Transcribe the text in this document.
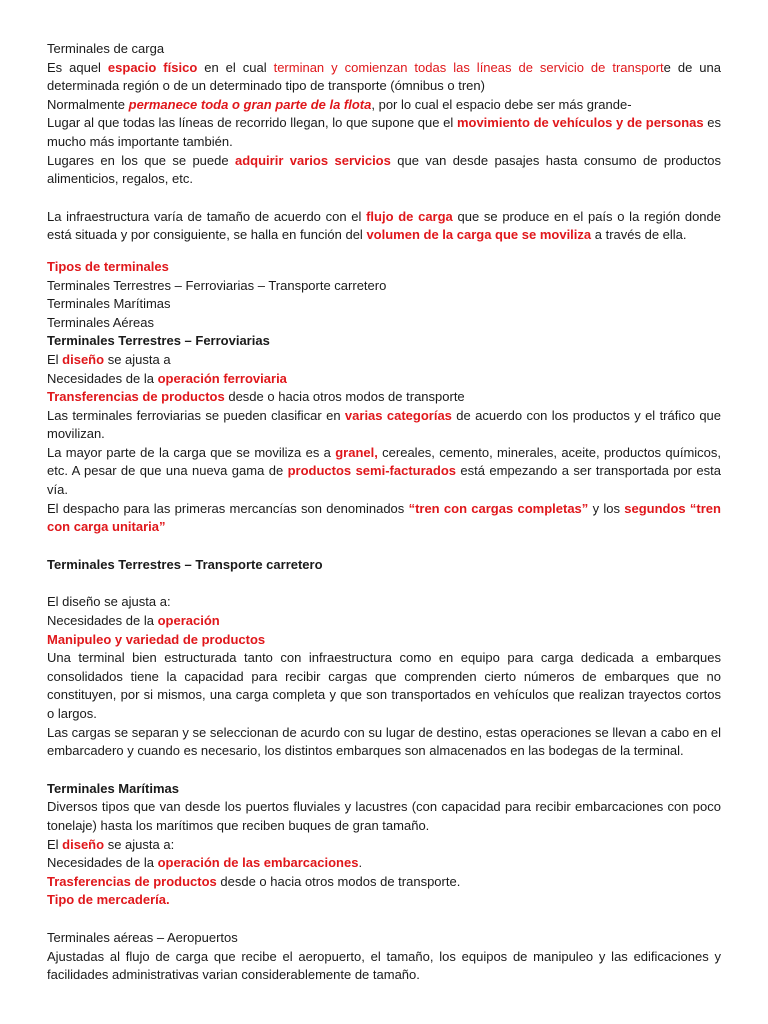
Terminales de carga

Es aquel espacio físico en el cual terminan y comienzan todas las líneas de servicio de transporte de una determinada región o de un determinado tipo de transporte (ómnibus o tren)

Normalmente permanece toda o gran parte de la flota, por lo cual el espacio debe ser más grande-

Lugar al que todas las líneas de recorrido llegan, lo que supone que el movimiento de vehículos y de personas es mucho más importante también.

Lugares en los que se puede adquirir varios servicios que van desde pasajes hasta consumo de productos alimenticios, regalos, etc.

La infraestructura varía de tamaño de acuerdo con el flujo de carga que se produce en el país o la región donde está situada y por consiguiente, se halla en función del volumen de la carga que se moviliza a través de ella.

Tipos de terminales

Terminales Terrestres – Ferroviarias – Transporte carretero

Terminales Marítimas

Terminales Aéreas

Terminales Terrestres – Ferroviarias

El diseño se ajusta a

Necesidades de la operación ferroviaria

Transferencias de productos desde o hacia otros modos de transporte

Las terminales ferroviarias se pueden clasificar en varias categorías de acuerdo con los productos y el tráfico que movilizan.

La mayor parte de la carga que se moviliza es a granel, cereales, cemento, minerales, aceite, productos químicos, etc. A pesar de que una nueva gama de productos semi-facturados está empezando a ser transportada por esta vía.

El despacho para las primeras mercancías son denominados “tren con cargas completas” y los segundos “tren con carga unitaria”

Terminales Terrestres – Transporte carretero

El diseño se ajusta a:

Necesidades de la operación

Manipuleo y variedad de productos

Una terminal bien estructurada tanto con infraestructura como en equipo para carga dedicada a embarques consolidados tiene la capacidad para recibir cargas que comprenden cierto números de embarques que no constituyen, por si mismos, una carga completa y que son transportados en vehículos que realizan trayectos cortos o largos.

Las cargas se separan y se seleccionan de acurdo con su lugar de destino, estas operaciones se llevan a cabo en el embarcadero y cuando es necesario, los distintos embarques son almacenados en las bodegas de la terminal.

Terminales Marítimas

Diversos tipos que van desde los puertos fluviales y lacustres (con capacidad para recibir embarcaciones con poco tonelaje) hasta los marítimos que reciben buques de gran tamaño.

El diseño se ajusta a:

Necesidades de la operación de las embarcaciones.

Trasferencias de productos desde o hacia otros modos de transporte.

Tipo de mercadería.

Terminales aéreas – Aeropuertos

Ajustadas al flujo de carga que recibe el aeropuerto, el tamaño, los equipos de manipuleo y las edificaciones y facilidades administrativas varian considerablemente de tamaño.
